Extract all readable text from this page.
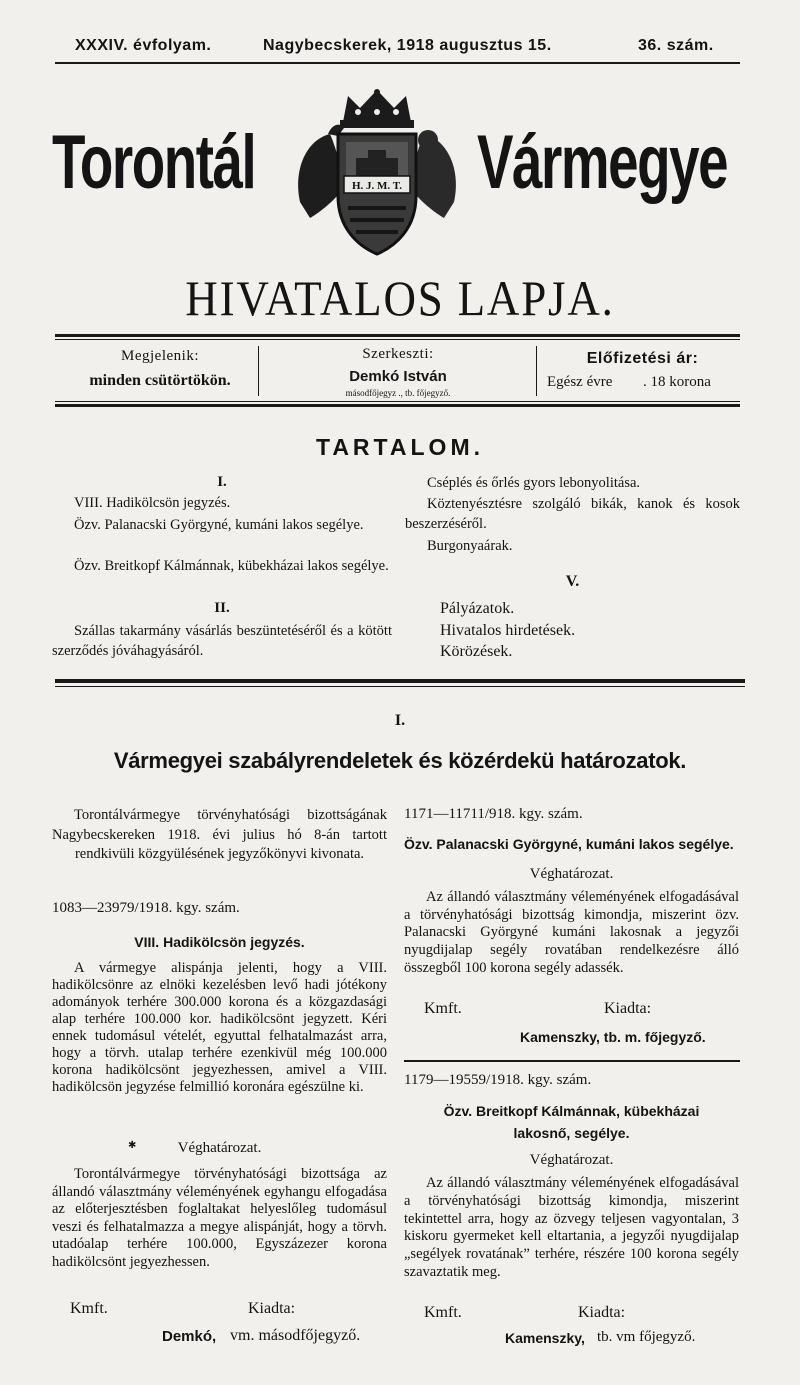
XXXIV. évfolyam.	Nagybecskerek, 1918 augusztus 15.	36. szám.
Torontál	H. J. M. T. Vármegye
HIVATALOS LAPJA.
Megjelenik:
minden csütörtökön.
Szerkeszti:
Demkó István
másodfőjegyz ., tb. főjegyző.
Előfizetési ár:
Egész évre . 18 korona
TARTALOM.
I.

VIII. Hadikölcsön jegyzés.

Özv. Palanacski Györgyné, kumáni lakos segélye.

Özv. Breitkopf Kálmánnak, kübekházai lakos segélye.

II.

Szállas takarmány vásárlás beszüntetéséről és a kötött szerződés jóváhagyásáról.

Cséplés és őrlés gyors lebonyolitása.

Köztenyésztésre szolgáló bikák, kanok és kosok beszerzéséről.

Burgonyaárak.

V.
Pályázatok.
Hivatalos hirdetések.
Körözések.
I.
Vármegyei szabályrendeletek és közérdekü határozatok.

Torontálvármegye törvényhatósági bizottságának Nagybecskereken 1918. évi julius hó 8-án tartott rendkivüli közgyülésének jegyzőkönyvi kivonata.

1083—23979/1918. kgy. szám.
VIII. Hadikölcsön jegyzés.

A vármegye alispánja jelenti, hogy a VIII. hadikölcsönre az elnöki kezelésben levő hadi jótékony adományok terhére 300.000 korona és a közgazdasági alap terhére 100.000 kor. hadikölcsönt jegyzett. Kéri ennek tudomásul vételét, egyuttal felhatalmazást arra, hogy a törvh. utalap terhére ezenkivül még 100.000 korona hadikölcsönt jegyezhessen, amivel a VIII. hadikölcsön jegyzése felmillió koronára egészülne ki.

✱	Véghatározat.

Torontálvármegye törvényhatósági bizottsága az állandó választmány véleményének egyhangu elfogadása az előterjesztésben foglaltakat helyeslőleg tudomásul veszi és felhatalmazza a megye alispánját, hogy a törvh. utadóalap terhére 100.000, Egyszázezer korona hadikölcsönt jegyezhessen.

Kmft.	Kiadta:
Demkó, vm. másodfőjegyző.
1171—11711/918. kgy. szám.
Özv. Palanacski Györgyné, kumáni lakos segélye.
Véghatározat.

Az állandó választmány véleményének elfogadásával a törvényhatósági bizottság kimondja, miszerint özv. Palanacski Györgyné kumáni lakosnak a jegyzői nyugdijalap segély rovatában rendelkezésre álló összegből 100 korona segély adassék.

Kmft.	Kiadta:
Kamenszky, tb. m. főjegyző.
1179—19559/1918. kgy. szám.
Özv. Breitkopf Kálmánnak, kübekházai
lakosnő, segélye.
Véghatározat.

Az állandó választmány véleményének elfogadásával a törvényhatósági bizottság kimondja, miszerint tekintettel arra, hogy az özvegy teljesen vagyontalan, 3 kiskoru gyermeket kell eltartania, a jegyzői nyugdijalap „segélyek rovatának” terhére, részére 100 korona segély szavaztatik meg.

Kmft.	Kiadta:
Kamenszky, tb. vm főjegyző.
